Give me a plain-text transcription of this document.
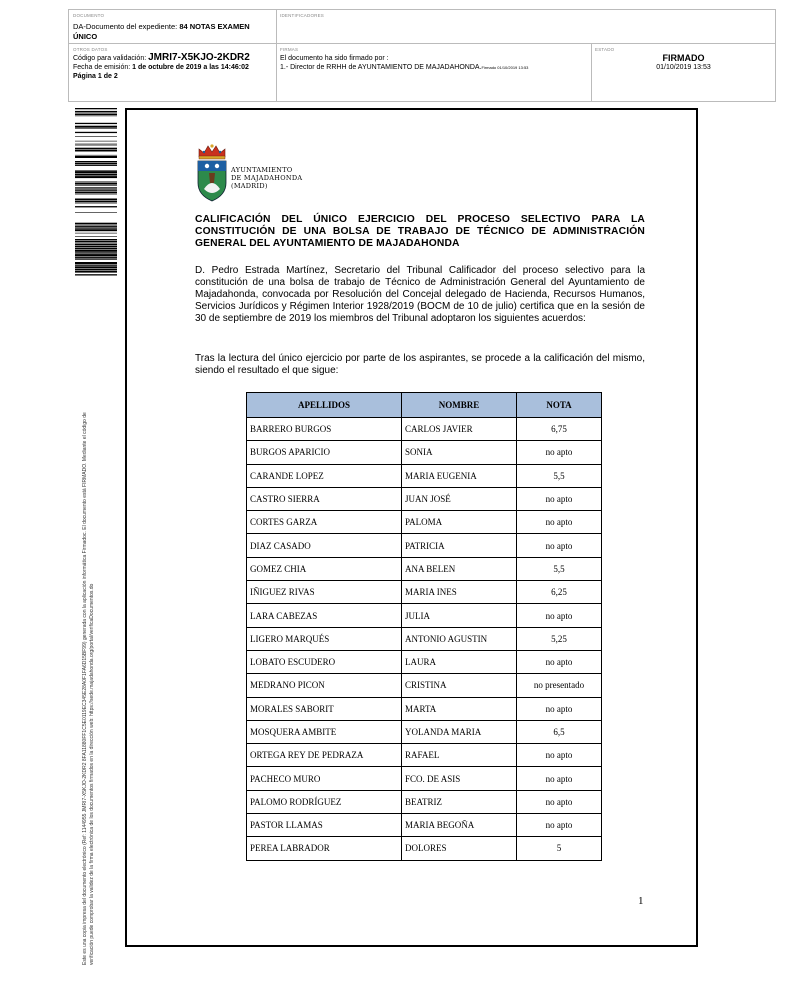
DOCUMENTO
DA-Documento del expediente: 84 NOTAS EXAMEN ÚNICO
IDENTIFICADORES
OTROS DATOS
Código para validación: JMRI7-X5KJO-2KDR2
Fecha de emisión: 1 de octubre de 2019 a las 14:46:02
Página 1 de 2
FIRMAS
El documento ha sido firmado por :
1.- Director de RRHH de AYUNTAMIENTO DE MAJADAHONDA.Firmado 01/10/2019 13:53
ESTADO
FIRMADO
01/10/2019 13:53
Este es una copia impresa del documento electrónico (Ref: 1144955 JMRI7-X5KJO-2KDR2 8FA11880FF1C5E0119EC345E28A0F1FA6D15BF99) generada con la aplicación informática Firmadoc. El documento está FIRMADO. Mediante el código de verificación puede comprobar la validez de la firma electrónica de los documentos firmados en la dirección web: https://sede.majadahonda.org/portal/verificaDocumentos.do
AYUNTAMIENTO
DE MAJADAHONDA
(MADRID)
CALIFICACIÓN DEL ÚNICO EJERCICIO DEL PROCESO SELECTIVO PARA LA CONSTITUCIÓN DE UNA BOLSA DE TRABAJO DE TÉCNICO DE ADMINISTRACIÓN GENERAL DEL AYUNTAMIENTO DE MAJADAHONDA
D. Pedro Estrada Martínez, Secretario del Tribunal Calificador del proceso selectivo para la constitución de una bolsa de trabajo de Técnico de Administración General del Ayuntamiento de Majadahonda, convocada por Resolución del Concejal delegado de Hacienda, Recursos Humanos, Servicios Jurídicos y Régimen Interior 1928/2019 (BOCM de 10 de julio) certifica que en la sesión de 30 de septiembre de 2019 los miembros del Tribunal adoptaron los siguientes acuerdos:
Tras la lectura del único ejercicio por parte de los aspirantes, se procede a la calificación del mismo, siendo el resultado el que sigue:
APELLIDOS	NOMBRE	NOTA
BARRERO BURGOS	CARLOS JAVIER	6,75
BURGOS APARICIO	SONIA	no apto
CARANDE LOPEZ	MARIA EUGENIA	5,5
CASTRO SIERRA	JUAN JOSÉ	no apto
CORTES GARZA	PALOMA	no apto
DIAZ CASADO	PATRICIA	no apto
GOMEZ CHIA	ANA BELEN	5,5
IÑIGUEZ RIVAS	MARIA INES	6,25
LARA CABEZAS	JULIA	no apto
LIGERO MARQUÉS	ANTONIO AGUSTIN	5,25
LOBATO ESCUDERO	LAURA	no apto
MEDRANO PICON	CRISTINA	no presentado
MORALES SABORIT	MARTA	no apto
MOSQUERA AMBITE	YOLANDA MARIA	6,5
ORTEGA REY DE PEDRAZA	RAFAEL	no apto
PACHECO MURO	FCO. DE ASIS	no apto
PALOMO RODRÍGUEZ	BEATRIZ	no apto
PASTOR LLAMAS	MARIA BEGOÑA	no apto
PEREA LABRADOR	DOLORES	5
1
